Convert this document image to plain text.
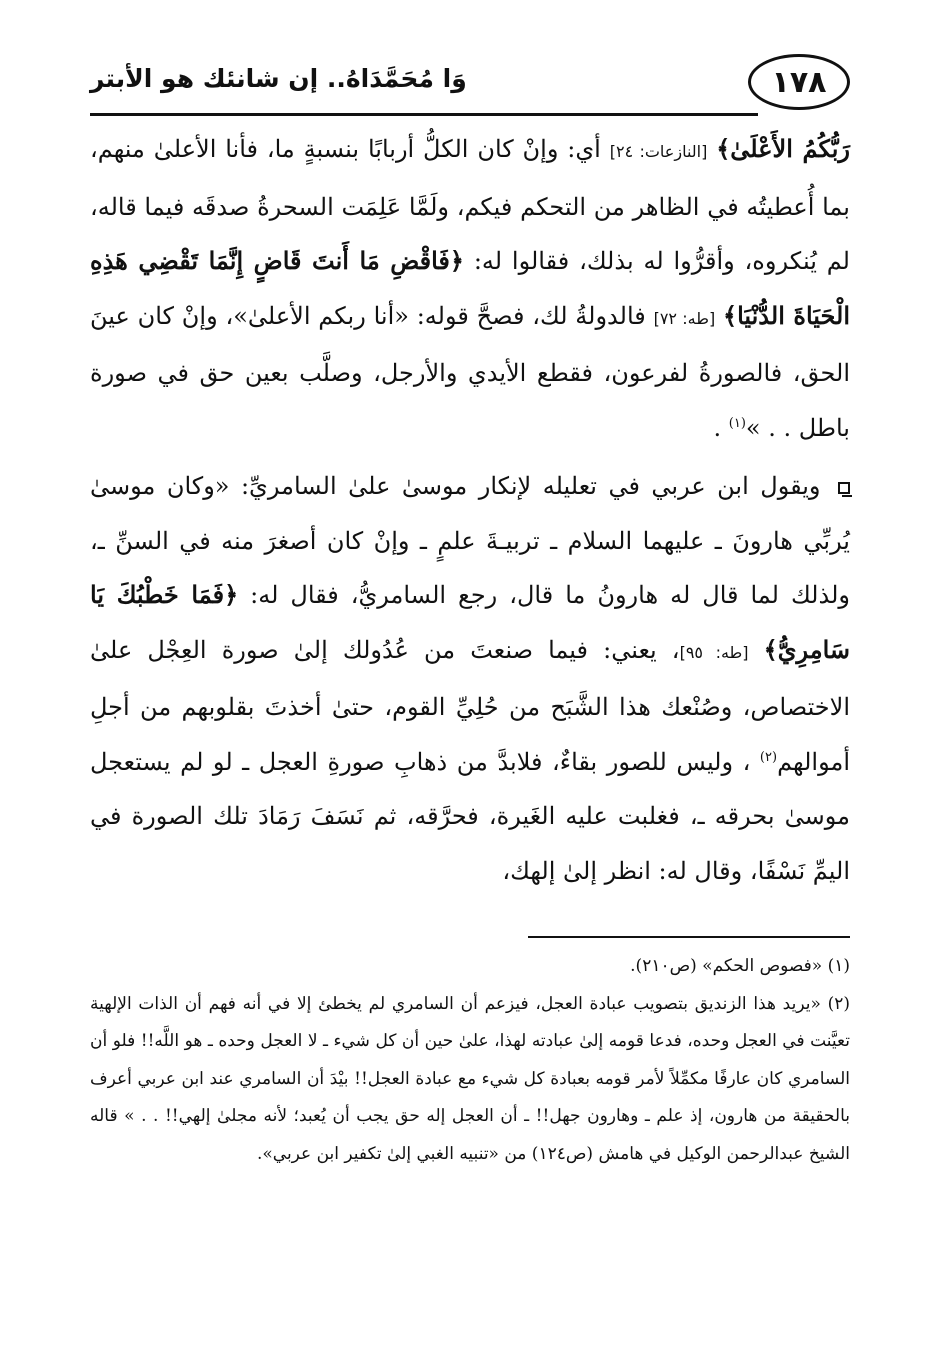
١٧٨
وَا مُحَمَّدَاهُ.. إن شانئك هو الأبتر

رَبُّكُمُ الأَعْلَىٰ﴾ [النازعات: ٢٤] أي: وإنْ كان الكلُّ أربابًا بنسبةٍ ما، فأنا الأعلىٰ منهم، بما أُعطيتُه في الظاهر من التحكم فيكم، ولَمَّا عَلِمَت السحرةُ صدقَه فيما قاله، لم يُنكروه، وأقرُّوا له بذلك، فقالوا له: ﴿فَاقْضِ مَا أَنتَ قَاضٍ إِنَّمَا تَقْضِي هَذِهِ الْحَيَاةَ الدُّنْيَا﴾ [طه: ٧٢] فالدولةُ لك، فصحَّ قوله: «أنا ربكم الأعلىٰ»، وإنْ كان عينَ الحق، فالصورةُ لفرعون، فقطع الأيدي والأرجل، وصلَّب بعين حق في صورة باطل . . »$^{(١)}$ .

ويقول ابن عربي في تعليله لإنكار موسىٰ علىٰ السامريِّ: «وكان موسىٰ يُربِّي هارونَ ـ عليهما السلام ـ تربيـةَ علمٍ ـ وإنْ كان أصغرَ منه في السنِّ ـ، ولذلك لما قال له هارونُ ما قال، رجع السامريُّ، فقال له: ﴿فَمَا خَطْبُكَ يَا سَامِرِيُّ﴾ [طه: ٩٥]، يعني: فيما صنعتَ من عُدُولك إلىٰ صورة العِجْل علىٰ الاختصاص، وصُنْعك هذا الشَّبَح من حُلِيِّ القوم، حتىٰ أخذتَ بقلوبهم من أجلِ أموالهم$^{(٢)}$ ، وليس للصور بقاءٌ، فلابدَّ من ذهابِ صورةِ العجل ـ لو لم يستعجل موسىٰ بحرقه ـ، فغلبت عليه الغَيرة، فحرَّقه، ثم نَسَفَ رَمَادَ تلك الصورة في اليمِّ نَسْفًا، وقال له: انظر إلىٰ إلهك،

(١) «فصوص الحكم» (ص٢١٠).

(٢) «يريد هذا الزنديق بتصويب عبادة العجل، فيزعم أن السامري لم يخطئ إلا في أنه فهم أن الذات الإلهية تعيَّنت في العجل وحده، فدعا قومه إلىٰ عبادته لهذا، علىٰ حين أن كل شيء ـ لا العجل وحده ـ هو اللَّه!! فلو أن السامري كان عارفًا مكمِّلاً لأمر قومه بعبادة كل شيء مع عبادة العجل!! بيْدَ أن السامري عند ابن عربي أعرف بالحقيقة من هارون، إذ علم ـ وهارون جهل!! ـ أن العجل إله حق يجب أن يُعبد؛ لأنه مجلىٰ إلهي!! . . » قاله الشيخ عبدالرحمن الوكيل في هامش (ص١٢٤) من «تنبيه الغبي إلىٰ تكفير ابن عربي».
